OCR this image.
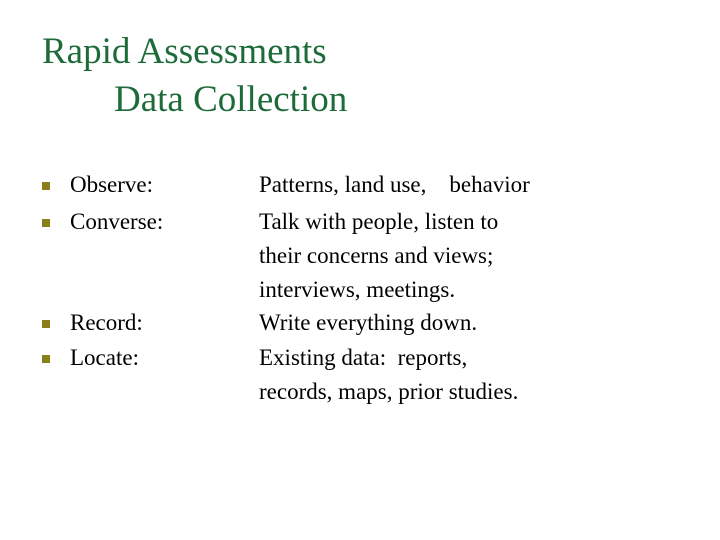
Rapid Assessments
Data Collection
Observe:	Patterns, land use,    behavior
Converse:	Talk with people, listen to
their concerns and views;
interviews, meetings.
Record:	Write everything down.
Locate:	Existing data:  reports,
records, maps, prior studies.
